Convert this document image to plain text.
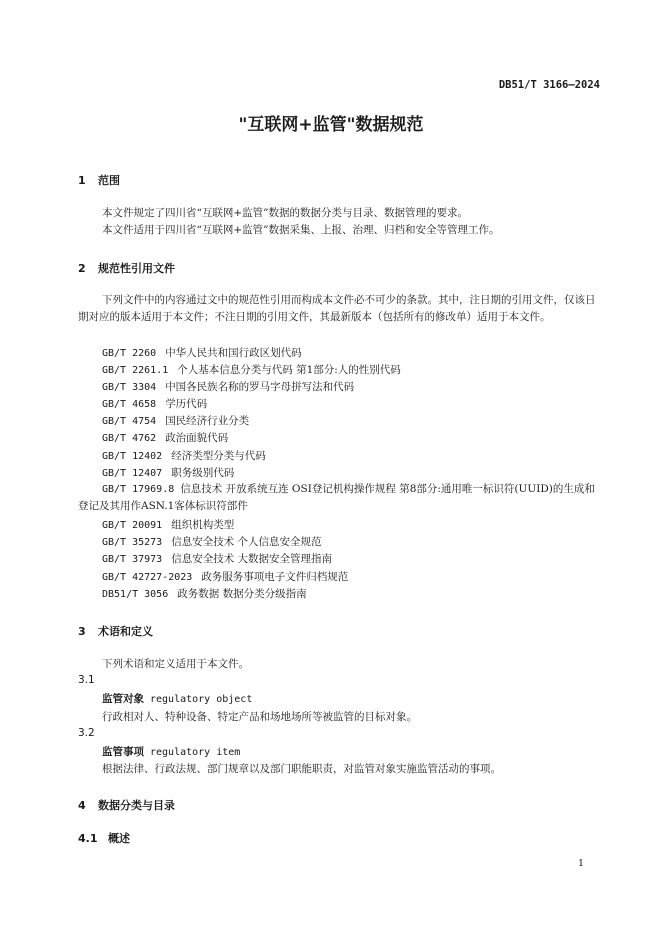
DB51/T 3166—2024
"互联网+监管"数据规范
1 范围
本文件规定了四川省“互联网+监管”数据的数据分类与目录、数据管理的要求。
本文件适用于四川省“互联网+监管”数据采集、上报、治理、归档和安全等管理工作。
2 规范性引用文件
下列文件中的内容通过文中的规范性引用而构成本文件必不可少的条款。其中，注日期的引用文件，仅该日期对应的版本适用于本文件；不注日期的引用文件，其最新版本（包括所有的修改单）适用于本文件。
GB/T 2260 中华人民共和国行政区划代码
GB/T 2261.1 个人基本信息分类与代码 第1部分:人的性别代码
GB/T 3304 中国各民族名称的罗马字母拼写法和代码
GB/T 4658 学历代码
GB/T 4754 国民经济行业分类
GB/T 4762 政治面貌代码
GB/T 12402 经济类型分类与代码
GB/T 12407 职务级别代码
GB/T 17969.8 信息技术 开放系统互连 OSI登记机构操作规程 第8部分:通用唯一标识符(UUID)的生成和登记及其用作ASN.1客体标识符部件
GB/T 20091 组织机构类型
GB/T 35273 信息安全技术 个人信息安全规范
GB/T 37973 信息安全技术 大数据安全管理指南
GB/T 42727-2023 政务服务事项电子文件归档规范
DB51/T 3056 政务数据 数据分类分级指南
3 术语和定义
下列术语和定义适用于本文件。
3.1
监管对象 regulatory object
行政相对人、特种设备、特定产品和场地场所等被监管的目标对象。
3.2
监管事项 regulatory item
根据法律、行政法规、部门规章以及部门职能职责，对监管对象实施监管活动的事项。
4 数据分类与目录
4.1 概述
1
